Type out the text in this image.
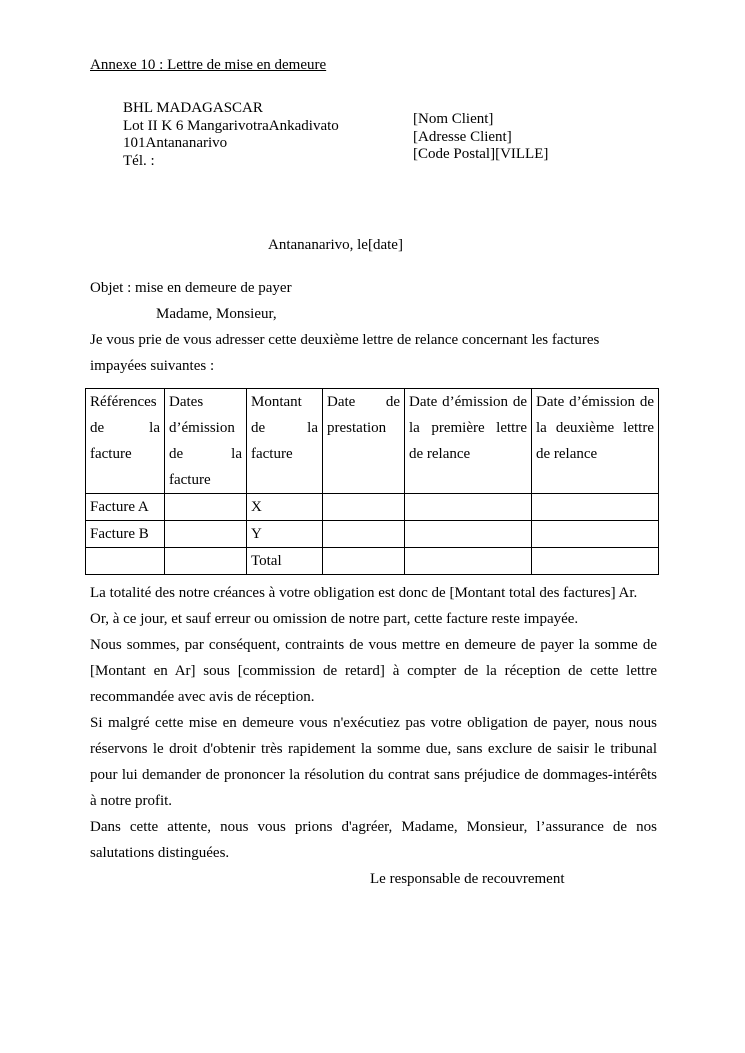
Annexe 10 : Lettre de mise en demeure
BHL MADAGASCAR
Lot II K 6 MangarivotraAnkadivato
101Antananarivo
Tél. :
[Nom Client]
[Adresse Client]
[Code Postal][VILLE]
Antananarivo, le[date]

Objet : mise en demeure de payer

Madame, Monsieur,

Je vous prie de vous adresser cette deuxième lettre de relance concernant les factures impayées suivantes :

Références de la facture	Dates d’émission de la facture	Montant de la facture	Date de prestation	Date d’émission de la première lettre de relance	Date d’émission de la deuxième lettre de relance
Facture A		X			
Facture B		Y			
		Total			

La totalité des notre créances à votre obligation est donc de [Montant total des factures] Ar.

Or, à ce jour, et sauf erreur ou omission de notre part, cette facture reste impayée.

Nous sommes, par conséquent, contraints de vous mettre en demeure de payer la somme de [Montant en Ar] sous [commission de retard] à compter de la réception de cette lettre recommandée avec avis de réception.

Si malgré cette mise en demeure vous n'exécutiez pas votre obligation de payer, nous nous réservons le droit d'obtenir très rapidement la somme due, sans exclure de saisir le tribunal pour lui demander de prononcer la résolution du contrat sans préjudice de dommages-intérêts à notre profit.

Dans cette attente, nous vous prions d'agréer, Madame, Monsieur, l’assurance de nos salutations distinguées.

Le responsable de recouvrement
